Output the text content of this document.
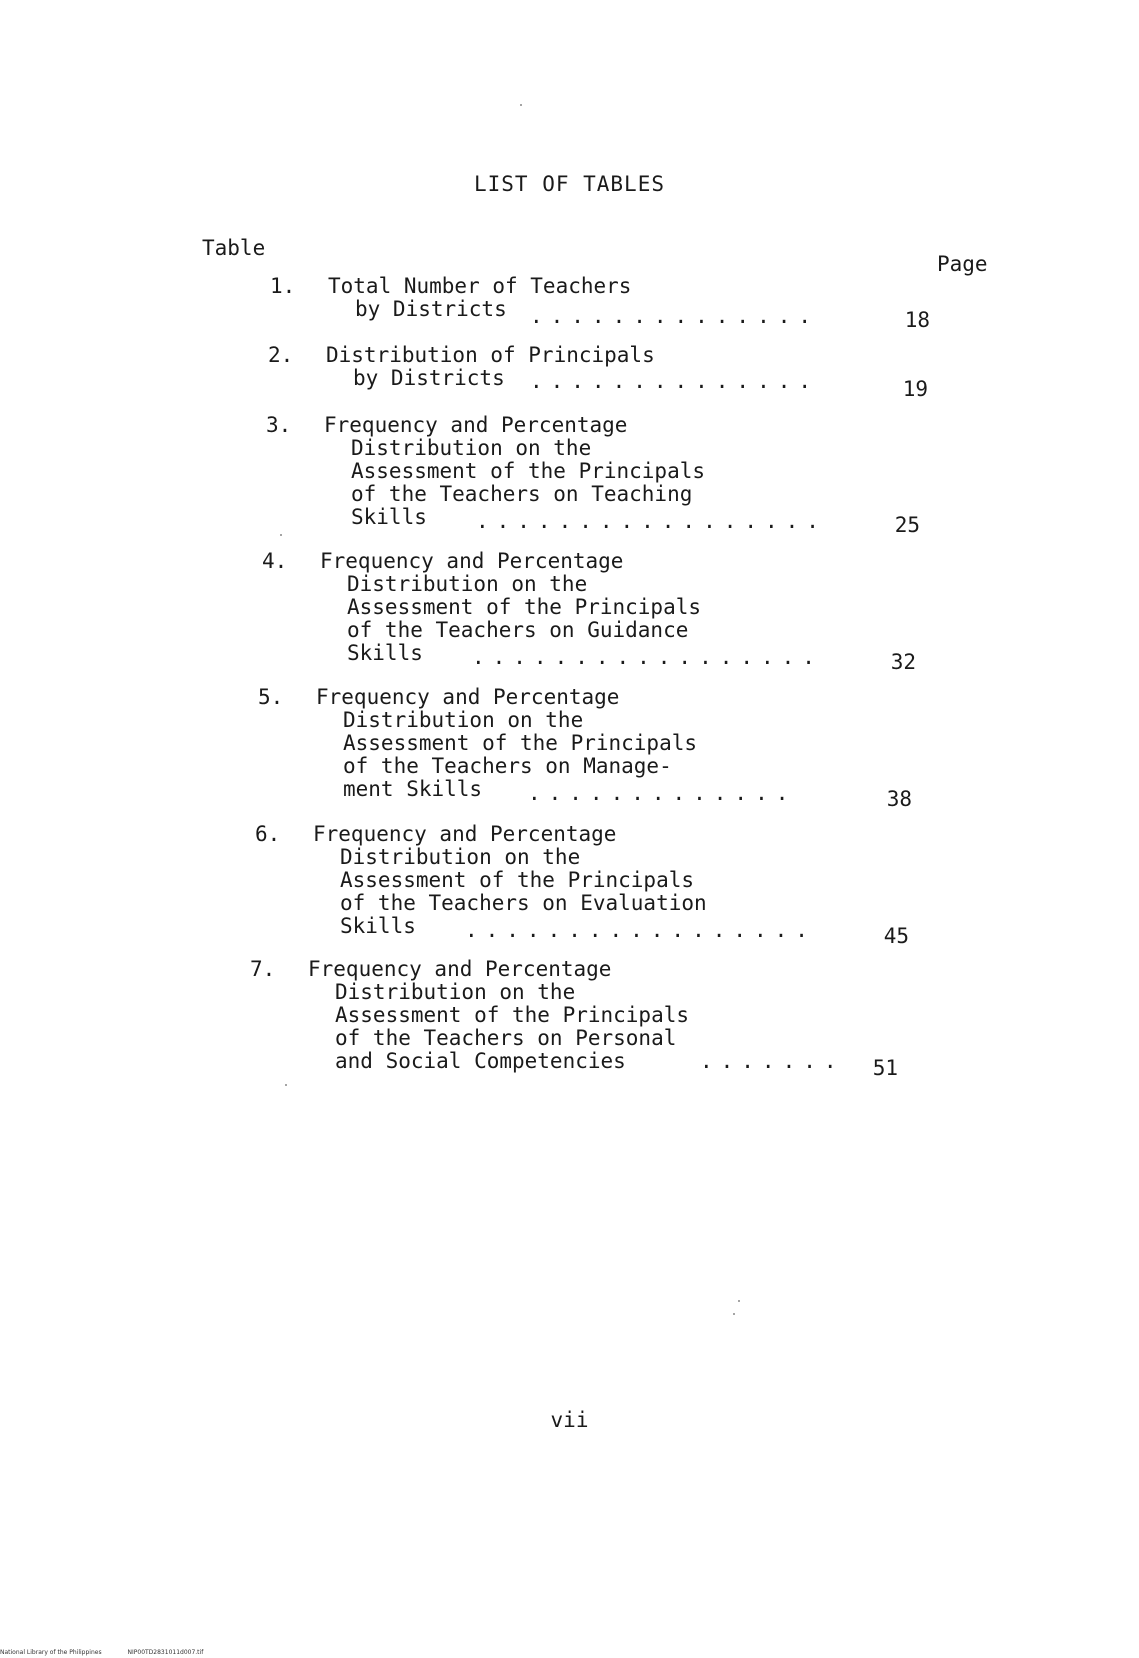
LIST OF TABLES
Table
Page
1.	Total Number of Teachers
by Districts	..............	18
2.	Distribution of Principals
by Districts	..............	19
3.	Frequency and Percentage
Distribution on the
Assessment of the Principals
of the Teachers on Teaching
Skills	.................	25
4.	Frequency and Percentage
Distribution on the
Assessment of the Principals
of the Teachers on Guidance
Skills	.................	32
5.	Frequency and Percentage
Distribution on the
Assessment of the Principals
of the Teachers on Manage-
ment Skills	.............	38
6.	Frequency and Percentage
Distribution on the
Assessment of the Principals
of the Teachers on Evaluation
Skills	.................	45
7.	Frequency and Percentage
Distribution on the
Assessment of the Principals
of the Teachers on Personal
and Social Competencies	.......	51
vii
National Library of the Philippines	NIP00TD2831011d007.tif
